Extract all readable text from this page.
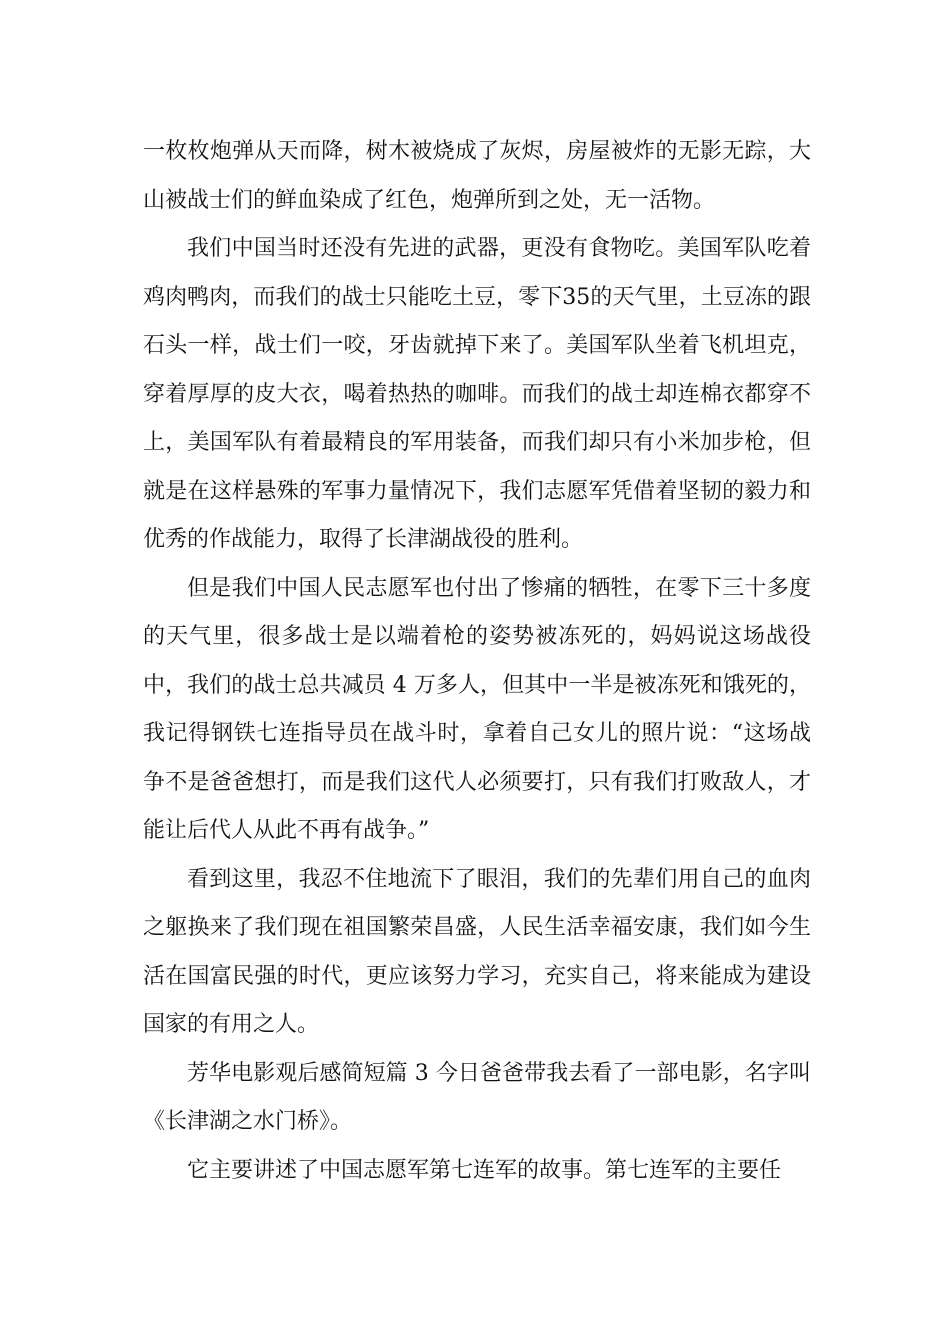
一枚枚炮弹从天而降，树木被烧成了灰烬，房屋被炸的无影无踪，大山被战士们的鲜血染成了红色，炮弹所到之处，无一活物。

我们中国当时还没有先进的武器，更没有食物吃。美国军队吃着鸡肉鸭肉，而我们的战士只能吃土豆，零下35的天气里，土豆冻的跟石头一样，战士们一咬，牙齿就掉下来了。美国军队坐着飞机坦克，穿着厚厚的皮大衣，喝着热热的咖啡。而我们的战士却连棉衣都穿不上，美国军队有着最精良的军用装备，而我们却只有小米加步枪，但就是在这样悬殊的军事力量情况下，我们志愿军凭借着坚韧的毅力和优秀的作战能力，取得了长津湖战役的胜利。

但是我们中国人民志愿军也付出了惨痛的牺牲，在零下三十多度的天气里，很多战士是以端着枪的姿势被冻死的，妈妈说这场战役中，我们的战士总共减员 4 万多人，但其中一半是被冻死和饿死的，我记得钢铁七连指导员在战斗时，拿着自己女儿的照片说：“这场战争不是爸爸想打，而是我们这代人必须要打，只有我们打败敌人，才能让后代人从此不再有战争。”

看到这里，我忍不住地流下了眼泪，我们的先辈们用自己的血肉之躯换来了我们现在祖国繁荣昌盛，人民生活幸福安康，我们如今生活在国富民强的时代，更应该努力学习，充实自己，将来能成为建设国家的有用之人。

芳华电影观后感简短篇 3 今日爸爸带我去看了一部电影，名字叫《长津湖之水门桥》。

它主要讲述了中国志愿军第七连军的故事。第七连军的主要任
